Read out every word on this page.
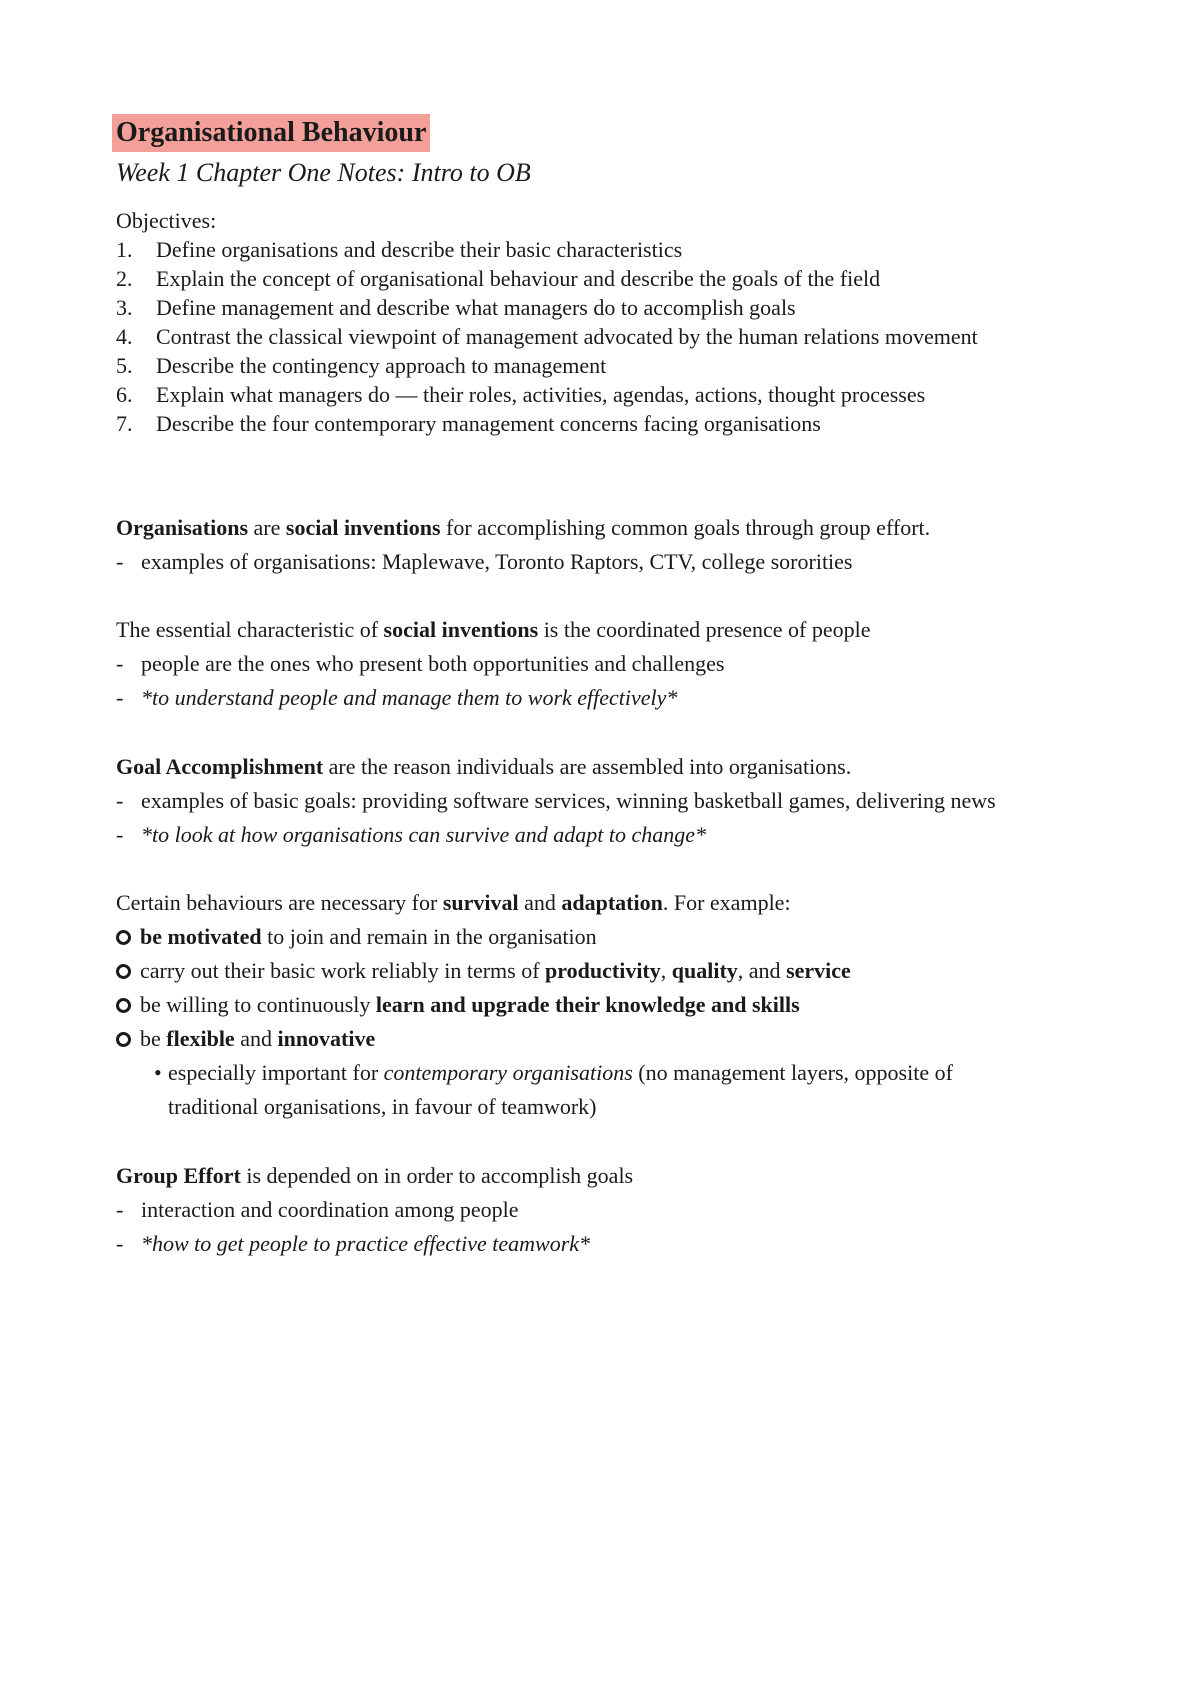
Organisational Behaviour
Week 1 Chapter One Notes: Intro to OB
Objectives:
1. Define organisations and describe their basic characteristics
2. Explain the concept of organisational behaviour and describe the goals of the field
3. Define management and describe what managers do to accomplish goals
4. Contrast the classical viewpoint of management advocated by the human relations movement
5. Describe the contingency approach to management
6. Explain what managers do — their roles, activities, agendas, actions, thought processes
7. Describe the four contemporary management concerns facing organisations
Organisations are social inventions for accomplishing common goals through group effort.
- examples of organisations: Maplewave, Toronto Raptors, CTV, college sororities
The essential characteristic of social inventions is the coordinated presence of people
- people are the ones who present both opportunities and challenges
- *to understand people and manage them to work effectively*
Goal Accomplishment are the reason individuals are assembled into organisations.
- examples of basic goals: providing software services, winning basketball games, delivering news
- *to look at how organisations can survive and adapt to change*
Certain behaviours are necessary for survival and adaptation. For example:
be motivated to join and remain in the organisation
carry out their basic work reliably in terms of productivity, quality, and service
be willing to continuously learn and upgrade their knowledge and skills
be flexible and innovative
• especially important for contemporary organisations (no management layers, opposite of
traditional organisations, in favour of teamwork)
Group Effort is depended on in order to accomplish goals
- interaction and coordination among people
- *how to get people to practice effective teamwork*
